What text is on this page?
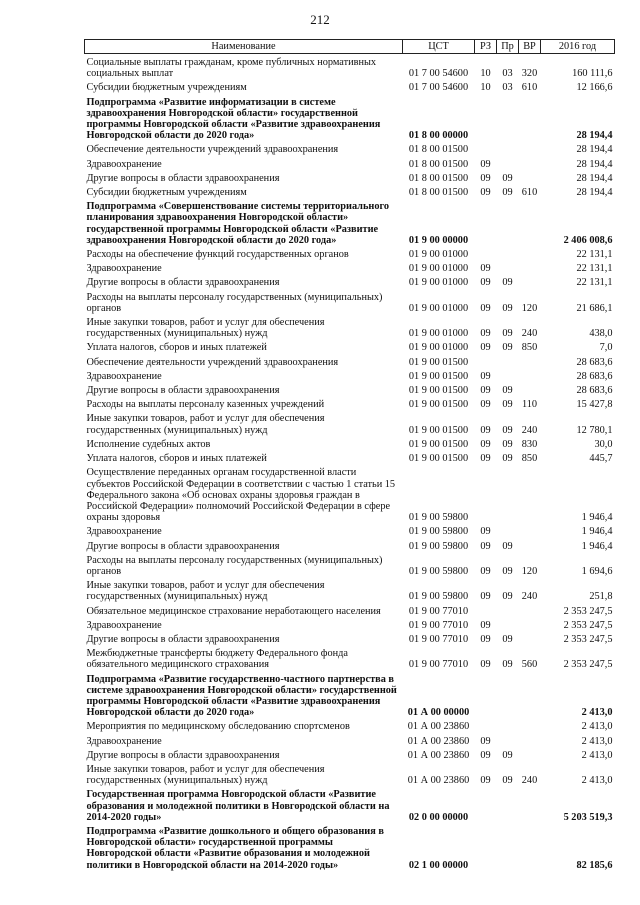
212
Наименование	ЦСТ	РЗ	Пр	ВР	2016 год
Социальные выплаты гражданам, кроме публичных нормативных социальных выплат	01 7 00 54600	10	03	320	160 111,6
Субсидии бюджетным учреждениям	01 7 00 54600	10	03	610	12 166,6
Подпрограмма «Развитие информатизации в системе здравоохранения Новгородской области» государственной программы Новгородской области «Развитие здравоохранения Новгородской области до 2020 года»	01 8 00 00000				28 194,4
Обеспечение деятельности учреждений здравоохранения	01 8 00 01500				28 194,4
Здравоохранение	01 8 00 01500	09			28 194,4
Другие вопросы в области здравоохранения	01 8 00 01500	09	09		28 194,4
Субсидии бюджетным учреждениям	01 8 00 01500	09	09	610	28 194,4
Подпрограмма «Совершенствование системы территориального планирования здравоохранения Новгородской области» государственной программы Новгородской области «Развитие здравоохранения Новгородской области до 2020 года»	01 9 00 00000				2 406 008,6
Расходы на обеспечение функций государственных органов	01 9 00 01000				22 131,1
Здравоохранение	01 9 00 01000	09			22 131,1
Другие вопросы в области здравоохранения	01 9 00 01000	09	09		22 131,1
Расходы на выплаты персоналу государственных (муниципальных) органов	01 9 00 01000	09	09	120	21 686,1
Иные закупки товаров, работ и услуг для обеспечения государственных (муниципальных) нужд	01 9 00 01000	09	09	240	438,0
Уплата налогов, сборов и иных платежей	01 9 00 01000	09	09	850	7,0
Обеспечение деятельности учреждений здравоохранения	01 9 00 01500				28 683,6
Здравоохранение	01 9 00 01500	09			28 683,6
Другие вопросы в области здравоохранения	01 9 00 01500	09	09		28 683,6
Расходы на выплаты персоналу казенных учреждений	01 9 00 01500	09	09	110	15 427,8
Иные закупки товаров, работ и услуг для обеспечения государственных (муниципальных) нужд	01 9 00 01500	09	09	240	12 780,1
Исполнение судебных актов	01 9 00 01500	09	09	830	30,0
Уплата налогов, сборов и иных платежей	01 9 00 01500	09	09	850	445,7
Осуществление переданных органам государственной власти субъектов Российской Федерации в соответствии с частью 1 статьи 15 Федерального закона «Об основах охраны здоровья граждан в Российской Федерации» полномочий Российской Федерации в сфере охраны здоровья	01 9 00 59800				1 946,4
Здравоохранение	01 9 00 59800	09			1 946,4
Другие вопросы в области здравоохранения	01 9 00 59800	09	09		1 946,4
Расходы на выплаты персоналу государственных (муниципальных) органов	01 9 00 59800	09	09	120	1 694,6
Иные закупки товаров, работ и услуг для обеспечения государственных (муниципальных) нужд	01 9 00 59800	09	09	240	251,8
Обязательное медицинское страхование неработающего населения	01 9 00 77010				2 353 247,5
Здравоохранение	01 9 00 77010	09			2 353 247,5
Другие вопросы в области здравоохранения	01 9 00 77010	09	09		2 353 247,5
Межбюджетные трансферты бюджету Федерального фонда обязательного медицинского страхования	01 9 00 77010	09	09	560	2 353 247,5
Подпрограмма «Развитие государственно-частного партнерства в системе здравоохранения Новгородской области» государственной программы Новгородской области «Развитие здравоохранения Новгородской области до 2020 года»	01 А 00 00000				2 413,0
Мероприятия по медицинскому обследованию спортсменов	01 А 00 23860				2 413,0
Здравоохранение	01 А 00 23860	09			2 413,0
Другие вопросы в области здравоохранения	01 А 00 23860	09	09		2 413,0
Иные закупки товаров, работ и услуг для обеспечения государственных (муниципальных) нужд	01 А 00 23860	09	09	240	2 413,0
Государственная программа Новгородской области «Развитие образования и молодежной политики в Новгородской области на 2014-2020 годы»	02 0 00 00000				5 203 519,3
Подпрограмма «Развитие дошкольного и общего образования в Новгородской области» государственной программы Новгородской области «Развитие образования и молодежной политики в Новгородской области на 2014-2020 годы»	02 1 00 00000				82 185,6
